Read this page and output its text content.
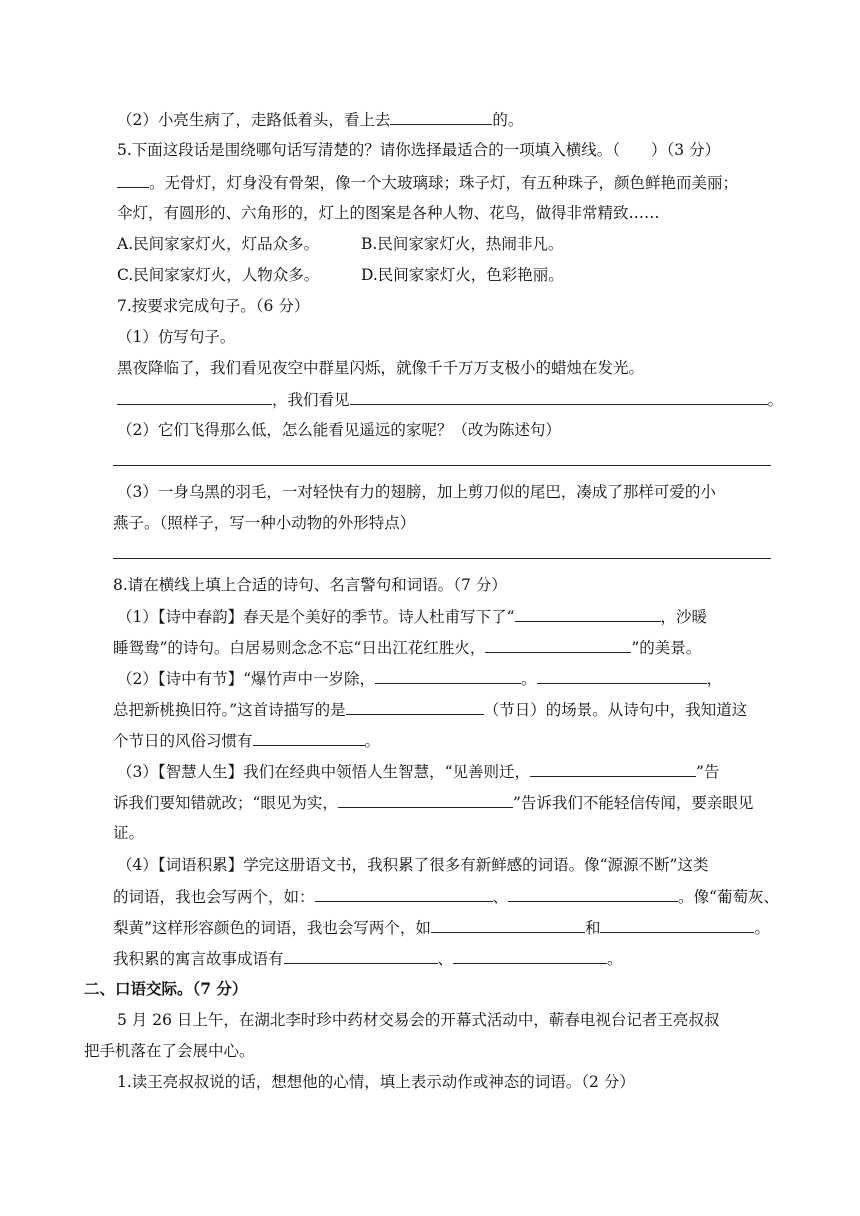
（2）小亮生病了，走路低着头，看上去	的。
5.下面这段话是围绕哪句话写清楚的？请你选择最适合的一项填入横线。（　　）（3 分）
。无骨灯，灯身没有骨架，像一个大玻璃球；珠子灯，有五种珠子，颜色鲜艳而美丽；
伞灯，有圆形的、六角形的，灯上的图案是各种人物、花鸟，做得非常精致……
A.民间家家灯火，灯品众多。	B.民间家家灯火，热闹非凡。
C.民间家家灯火，人物众多。	D.民间家家灯火，色彩艳丽。
7.按要求完成句子。（6 分）
（1）仿写句子。
黑夜降临了，我们看见夜空中群星闪烁，就像千千万万支极小的蜡烛在发光。
，我们看见	。
（2）它们飞得那么低，怎么能看见遥远的家呢？（改为陈述句）
（3）一身乌黑的羽毛，一对轻快有力的翅膀，加上剪刀似的尾巴，凑成了那样可爱的小
燕子。（照样子，写一种小动物的外形特点）
8.请在横线上填上合适的诗句、名言警句和词语。（7 分）
（1）【诗中春韵】春天是个美好的季节。诗人杜甫写下了“	，沙暖
睡鸳鸯”的诗句。白居易则念念不忘“日出江花红胜火，	”的美景。
（2）【诗中有节】“爆竹声中一岁除，	。	，
总把新桃换旧符。”这首诗描写的是	（节日）的场景。从诗句中，我知道这
个节日的风俗习惯有	。
（3）【智慧人生】我们在经典中领悟人生智慧，“见善则迁，	”告
诉我们要知错就改；“眼见为实，	”告诉我们不能轻信传闻，要亲眼见
证。
（4）【词语积累】学完这册语文书，我积累了很多有新鲜感的词语。像“源源不断”这类
的词语，我也会写两个，如：	、	。像“葡萄灰、
梨黄”这样形容颜色的词语，我也会写两个，如	和	。
我积累的寓言故事成语有	、	。
二、口语交际。（7 分）
5 月 26 日上午，在湖北李时珍中药材交易会的开幕式活动中，蕲春电视台记者王亮叔叔
把手机落在了会展中心。
1.读王亮叔叔说的话，想想他的心情，填上表示动作或神态的词语。（2 分）
